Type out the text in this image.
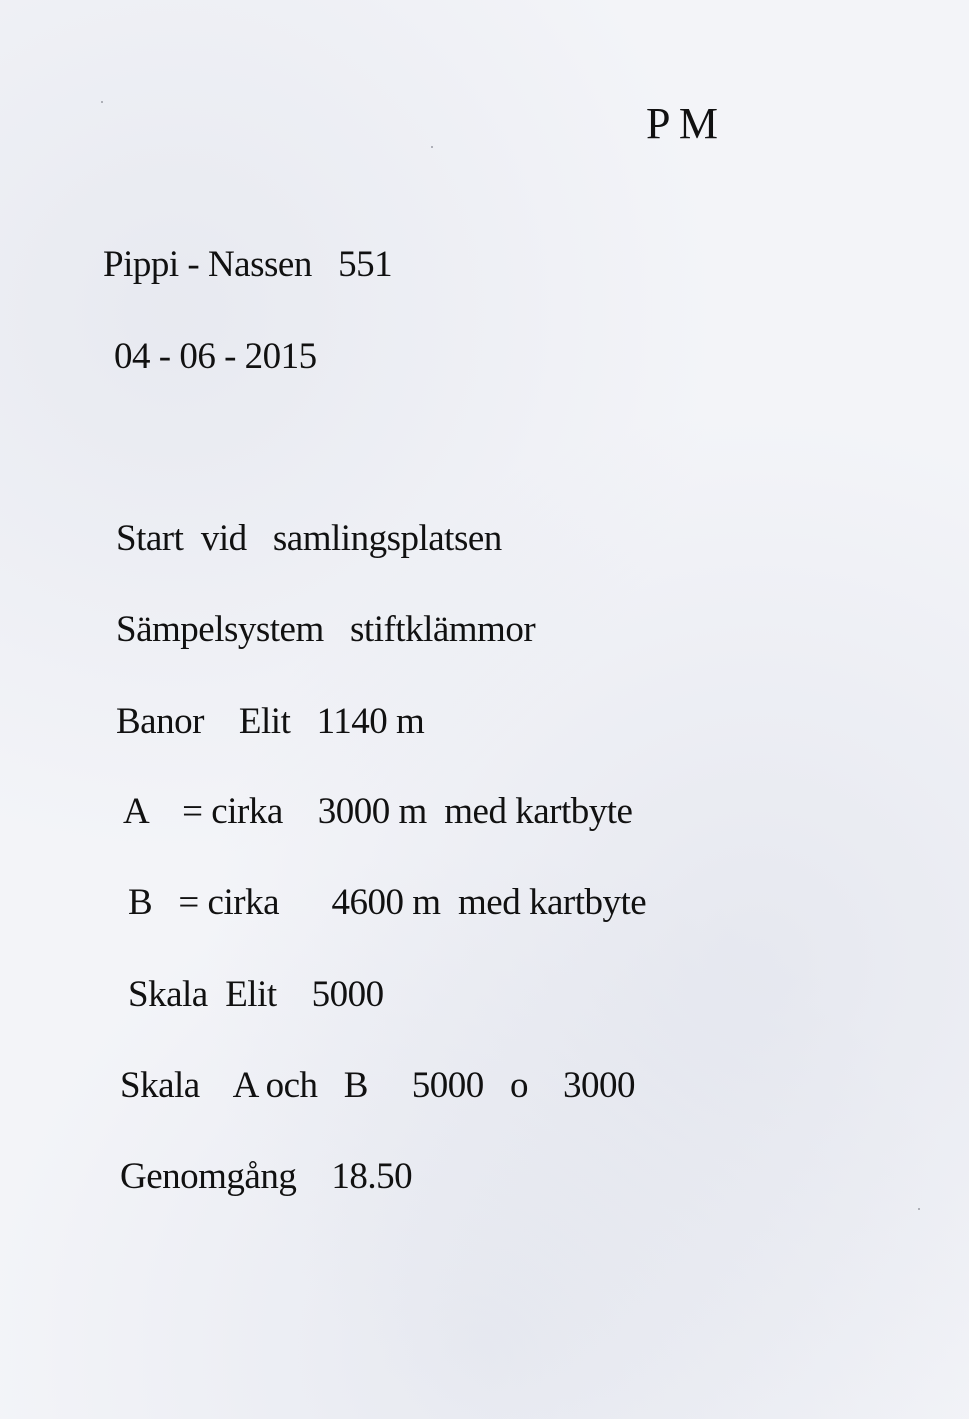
P M

Pippi - Nassen   551

04 - 06 - 2015

Start  vid   samlingsplatsen

Sämpelsystem   stiftklämmor

Banor    Elit   1140 m

A    = cirka    3000 m  med kartbyte

B   = cirka      4600 m  med kartbyte

Skala  Elit    5000

Skala    A och   B     5000   o    3000

Genomgång    18.50
